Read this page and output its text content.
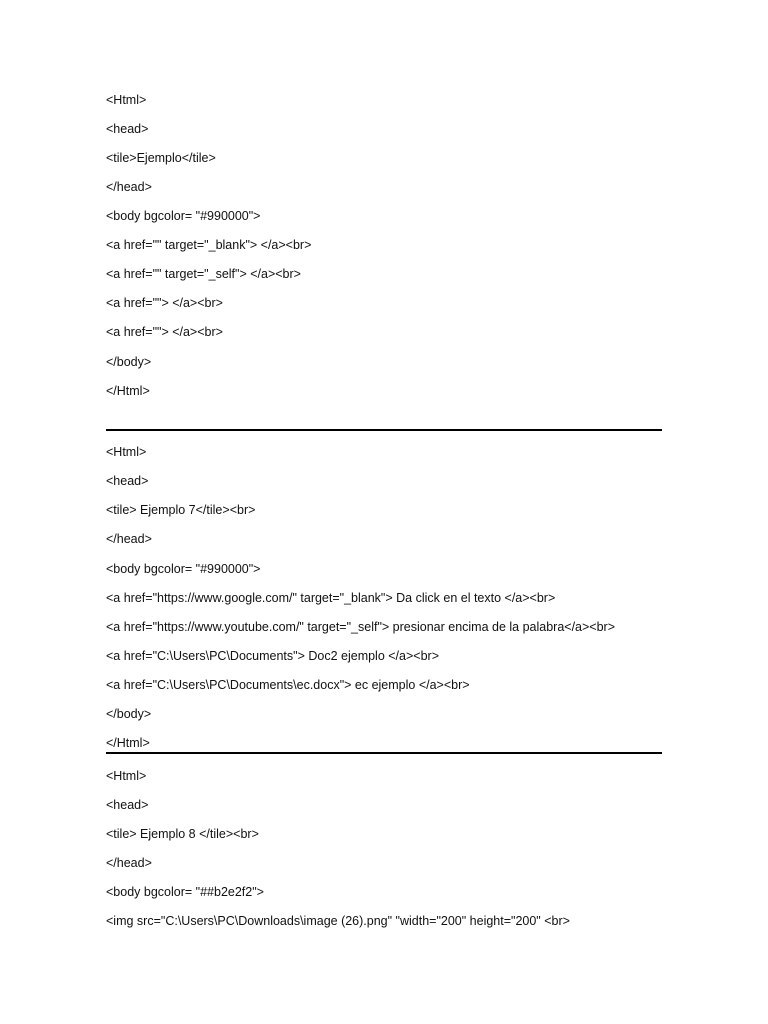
<Html>
<head>
<tile>Ejemplo</tile>
</head>
<body bgcolor= "#990000">
<a href="" target="_blank"> </a><br>
<a href="" target="_self"> </a><br>
<a href=""> </a><br>
<a href=""> </a><br>
</body>
</Html>
<Html>
<head>
<tile> Ejemplo 7</tile><br>
</head>
<body bgcolor= "#990000">
<a href="https://www.google.com/" target="_blank"> Da click en el texto </a><br>
<a href="https://www.youtube.com/" target="_self"> presionar encima de la palabra</a><br>
<a href="C:\Users\PC\Documents"> Doc2 ejemplo </a><br>
<a href="C:\Users\PC\Documents\ec.docx"> ec ejemplo </a><br>
</body>
</Html>
<Html>
<head>
<tile> Ejemplo 8 </tile><br>
</head>
<body bgcolor= "##b2e2f2">
<img src="C:\Users\PC\Downloads\image (26).png" "width="200" height="200" <br>
